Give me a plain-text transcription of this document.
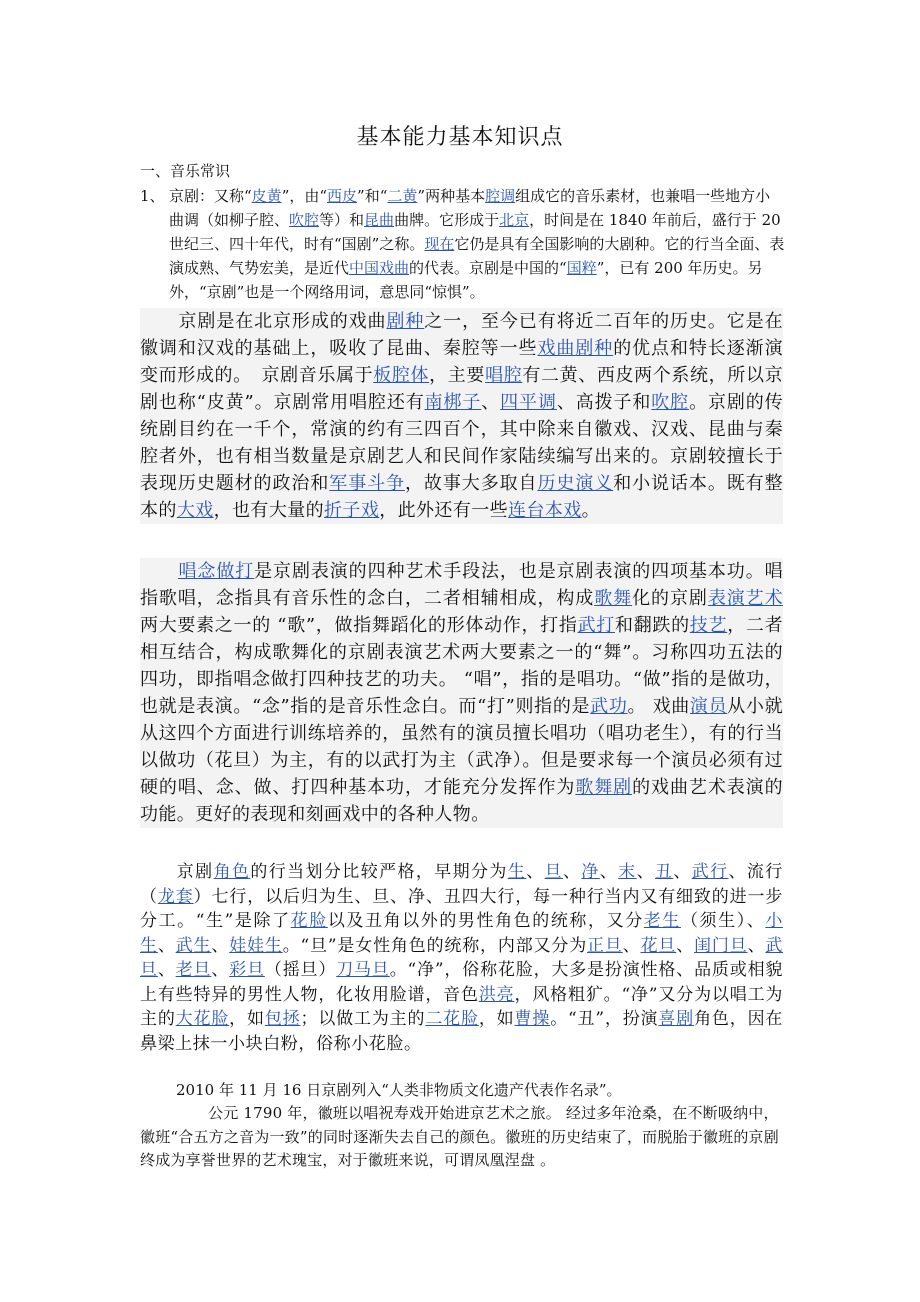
基本能力基本知识点
一、音乐常识
1、 京剧：又称“皮黄”，由“西皮”和“二黄”两种基本腔调组成它的音乐素材，也兼唱一些地方小曲调（如柳子腔、吹腔等）和昆曲曲牌。它形成于北京，时间是在 1840 年前后，盛行于 20 世纪三、四十年代，时有“国剧”之称。现在它仍是具有全国影响的大剧种。它的行当全面、表演成熟、气势宏美，是近代中国戏曲的代表。京剧是中国的“国粹”，已有 200 年历史。另外，“京剧”也是一个网络用词，意思同“惊惧”。
京剧是在北京形成的戏曲剧种之一，至今已有将近二百年的历史。它是在徽调和汉戏的基础上，吸收了昆曲、秦腔等一些戏曲剧种的优点和特长逐渐演变而形成的。　京剧音乐属于板腔体，主要唱腔有二黄、西皮两个系统，所以京剧也称“皮黄”。京剧常用唱腔还有南梆子、四平调、高拨子和吹腔。京剧的传统剧目约在一千个，常演的约有三四百个，其中除来自徽戏、汉戏、昆曲与秦腔者外，也有相当数量是京剧艺人和民间作家陆续编写出来的。京剧较擅长于表现历史题材的政治和军事斗争，故事大多取自历史演义和小说话本。既有整本的大戏，也有大量的折子戏，此外还有一些连台本戏。
唱念做打是京剧表演的四种艺术手段法，也是京剧表演的四项基本功。唱指歌唱，念指具有音乐性的念白，二者相辅相成，构成歌舞化的京剧表演艺术两大要素之一的 “歌”，做指舞蹈化的形体动作，打指武打和翻跌的技艺，二者相互结合，构成歌舞化的京剧表演艺术两大要素之一的“舞”。习称四功五法的四功，即指唱念做打四种技艺的功夫。 “唱”，指的是唱功。“做”指的是做功，也就是表演。“念”指的是音乐性念白。而“打”则指的是武功。 戏曲演员从小就从这四个方面进行训练培养的，虽然有的演员擅长唱功（唱功老生），有的行当以做功（花旦）为主，有的以武打为主（武净）。但是要求每一个演员必须有过硬的唱、念、做、打四种基本功，才能充分发挥作为歌舞剧的戏曲艺术表演的功能。更好的表现和刻画戏中的各种人物。
京剧角色的行当划分比较严格，早期分为生、旦、净、末、丑、武行、流行（龙套）七行，以后归为生、旦、净、丑四大行，每一种行当内又有细致的进一步分工。“生”是除了花脸以及丑角以外的男性角色的统称，又分老生（须生）、小生、武生、娃娃生。“旦”是女性角色的统称，内部又分为正旦、花旦、闺门旦、武旦、老旦、彩旦（摇旦）刀马旦。“净”，俗称花脸，大多是扮演性格、品质或相貌上有些特异的男性人物，化妆用脸谱，音色洪亮，风格粗犷。“净”又分为以唱工为主的大花脸，如包拯；以做工为主的二花脸，如曹操。“丑”，扮演喜剧角色，因在鼻梁上抹一小块白粉，俗称小花脸。
2010 年 11 月 16 日京剧列入“人类非物质文化遗产代表作名录”。
公元 1790 年，徽班以唱祝寿戏开始进京艺术之旅。 经过多年沧桑，在不断吸纳中，徽班“合五方之音为一致”的同时逐渐失去自己的颜色。徽班的历史结束了，而脱胎于徽班的京剧终成为享誉世界的艺术瑰宝，对于徽班来说，可谓凤凰涅盘 。
